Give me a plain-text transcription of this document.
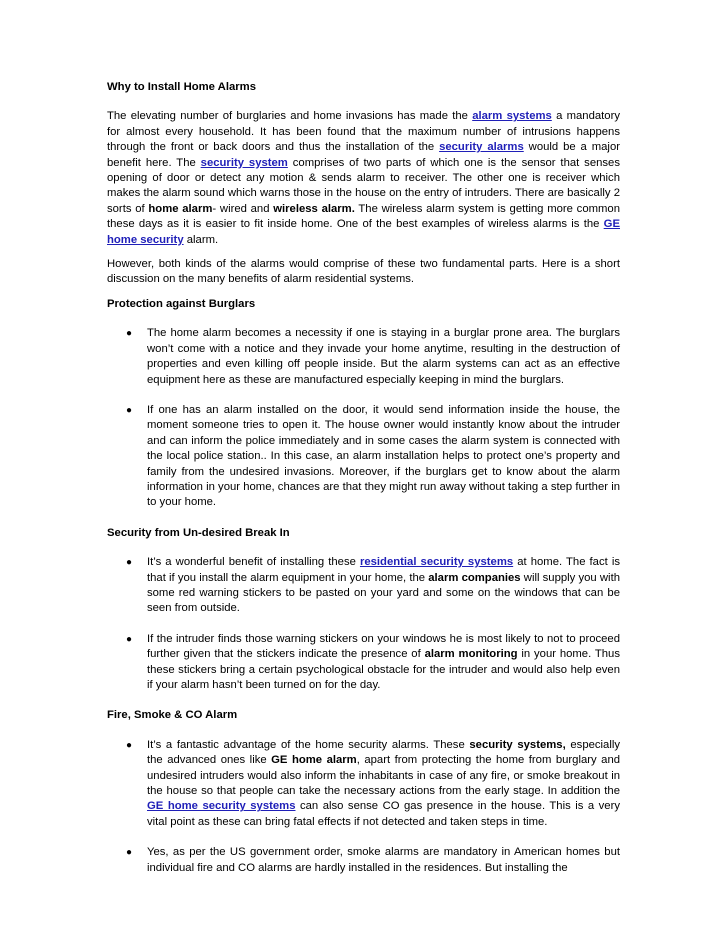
Why to Install Home Alarms
The elevating number of burglaries and home invasions has made the alarm systems a mandatory for almost every household. It has been found that the maximum number of intrusions happens through the front or back doors and thus the installation of the security alarms would be a major benefit here. The security system comprises of two parts of which one is the sensor that senses opening of door or detect any motion & sends alarm to receiver. The other one is receiver which makes the alarm sound which warns those in the house on the entry of intruders. There are basically 2 sorts of home alarm- wired and wireless alarm. The wireless alarm system is getting more common these days as it is easier to fit inside home. One of the best examples of wireless alarms is the GE home security alarm.
However, both kinds of the alarms would comprise of these two fundamental parts. Here is a short discussion on the many benefits of alarm residential systems.
Protection against Burglars
● The home alarm becomes a necessity if one is staying in a burglar prone area. The burglars won’t come with a notice and they invade your home anytime, resulting in the destruction of properties and even killing off people inside. But the alarm systems can act as an effective equipment here as these are manufactured especially keeping in mind the burglars.
● If one has an alarm installed on the door, it would send information inside the house, the moment someone tries to open it. The house owner would instantly know about the intruder and can inform the police immediately and in some cases the alarm system is connected with the local police station.. In this case, an alarm installation helps to protect one’s property and family from the undesired invasions. Moreover, if the burglars get to know about the alarm information in your home, chances are that they might run away without taking a step further in to your home.
Security from Un-desired Break In
● It’s a wonderful benefit of installing these residential security systems at home. The fact is that if you install the alarm equipment in your home, the alarm companies will supply you with some red warning stickers to be pasted on your yard and some on the windows that can be seen from outside.
● If the intruder finds those warning stickers on your windows he is most likely to not to proceed further given that the stickers indicate the presence of alarm monitoring in your home. Thus these stickers bring a certain psychological obstacle for the intruder and would also help even if your alarm hasn’t been turned on for the day.
Fire, Smoke & CO Alarm
● It’s a fantastic advantage of the home security alarms. These security systems, especially the advanced ones like GE home alarm, apart from protecting the home from burglary and undesired intruders would also inform the inhabitants in case of any fire, or smoke breakout in the house so that people can take the necessary actions from the early stage. In addition the GE home security systems can also sense CO gas presence in the house. This is a very vital point as these can bring fatal effects if not detected and taken steps in time.
● Yes, as per the US government order, smoke alarms are mandatory in American homes but individual fire and CO alarms are hardly installed in the residences. But installing the
